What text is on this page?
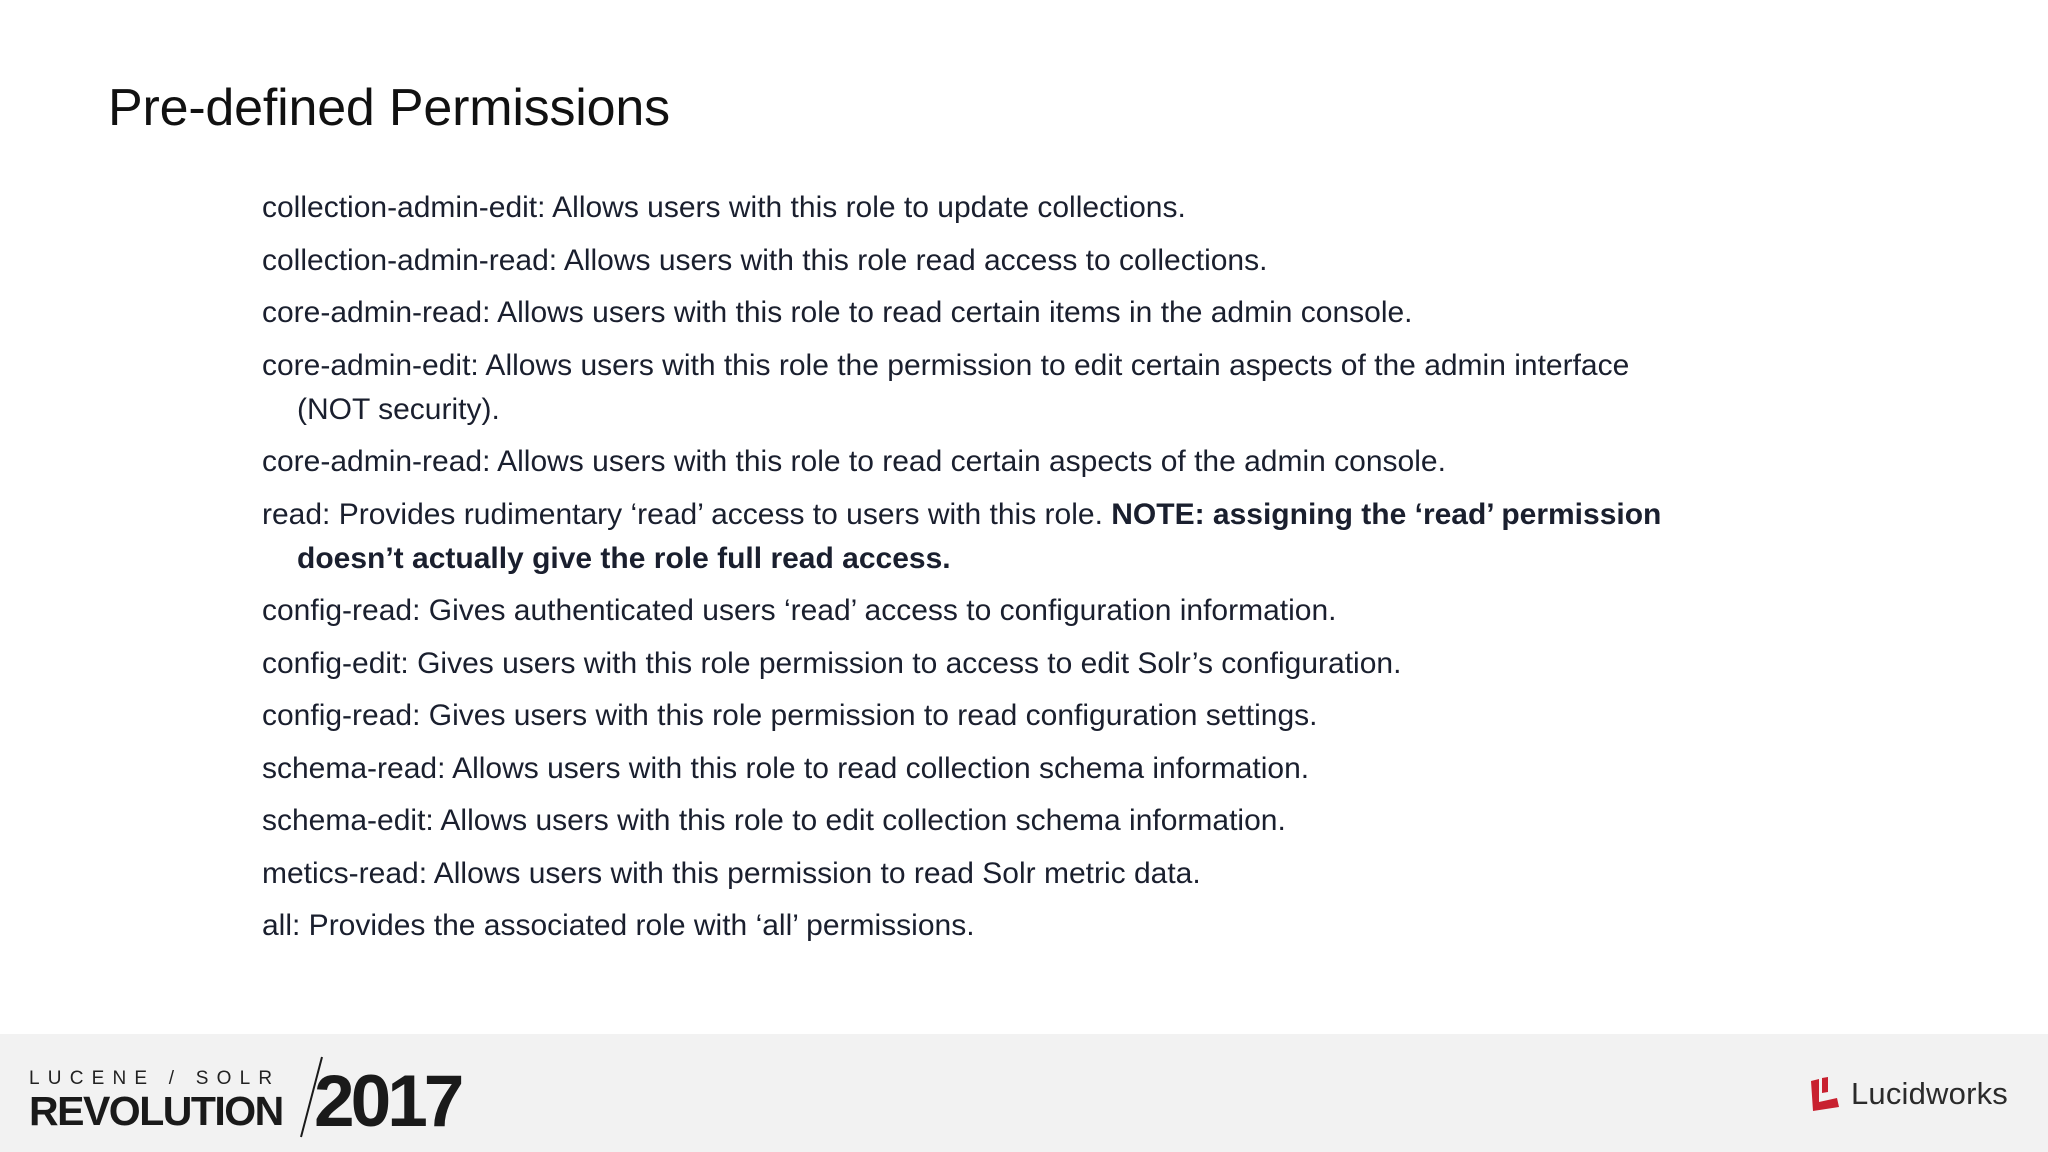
Pre-defined Permissions
collection-admin-edit: Allows users with this role to update collections.
collection-admin-read: Allows users with this role read access to collections.
core-admin-read: Allows users with this role to read certain items in the admin console.
core-admin-edit: Allows users with this role the permission to edit certain aspects of the admin interface (NOT security).
core-admin-read: Allows users with this role to read certain aspects of the admin console.
read: Provides rudimentary ‘read’ access to users with this role. NOTE: assigning the ‘read’ permission doesn’t actually give the role full read access.
config-read: Gives authenticated users ‘read’ access to configuration information.
config-edit: Gives users with this role permission to access to edit Solr’s configuration.
config-read: Gives users with this role permission to read configuration settings.
schema-read: Allows users with this role to read collection schema information.
schema-edit: Allows users with this role to edit collection schema information.
metics-read: Allows users with this permission to read Solr metric data.
all: Provides the associated role with ‘all’ permissions.
LUCENE / SOLR
REVOLUTION 2017	Lucidworks
